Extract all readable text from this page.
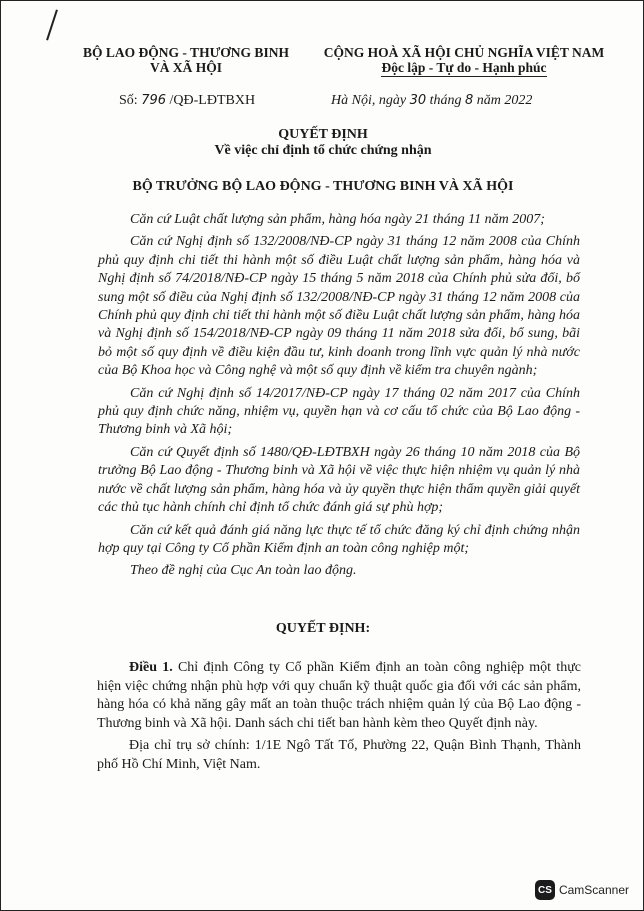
BỘ LAO ĐỘNG - THƯƠNG BINH
VÀ XÃ HỘI
CỘNG HOÀ XÃ HỘI CHỦ NGHĨA VIỆT NAM
Độc lập - Tự do - Hạnh phúc
Số: 796 /QĐ-LĐTBXH	Hà Nội, ngày 30 tháng 8 năm 2022
QUYẾT ĐỊNH
Về việc chỉ định tổ chức chứng nhận
BỘ TRƯỞNG BỘ LAO ĐỘNG - THƯƠNG BINH VÀ XÃ HỘI

Căn cứ Luật chất lượng sản phẩm, hàng hóa ngày 21 tháng 11 năm 2007;

Căn cứ Nghị định số 132/2008/NĐ-CP ngày 31 tháng 12 năm 2008 của Chính phủ quy định chi tiết thi hành một số điều Luật chất lượng sản phẩm, hàng hóa và Nghị định số 74/2018/NĐ-CP ngày 15 tháng 5 năm 2018 của Chính phủ sửa đổi, bổ sung một số điều của Nghị định số 132/2008/NĐ-CP ngày 31 tháng 12 năm 2008 của Chính phủ quy định chi tiết thi hành một số điều Luật chất lượng sản phẩm, hàng hóa và Nghị định số 154/2018/NĐ-CP ngày 09 tháng 11 năm 2018 sửa đổi, bổ sung, bãi bỏ một số quy định về điều kiện đầu tư, kinh doanh trong lĩnh vực quản lý nhà nước của Bộ Khoa học và Công nghệ và một số quy định về kiểm tra chuyên ngành;

Căn cứ Nghị định số 14/2017/NĐ-CP ngày 17 tháng 02 năm 2017 của Chính phủ quy định chức năng, nhiệm vụ, quyền hạn và cơ cấu tổ chức của Bộ Lao động - Thương binh và Xã hội;

Căn cứ Quyết định số 1480/QĐ-LĐTBXH ngày 26 tháng 10 năm 2018 của Bộ trưởng Bộ Lao động - Thương binh và Xã hội về việc thực hiện nhiệm vụ quản lý nhà nước về chất lượng sản phẩm, hàng hóa và ủy quyền thực hiện thẩm quyền giải quyết các thủ tục hành chính chỉ định tổ chức đánh giá sự phù hợp;

Căn cứ kết quả đánh giá năng lực thực tế tổ chức đăng ký chỉ định chứng nhận hợp quy tại Công ty Cổ phần Kiểm định an toàn công nghiệp một;

Theo đề nghị của Cục An toàn lao động.

QUYẾT ĐỊNH:

Điều 1. Chỉ định Công ty Cổ phần Kiểm định an toàn công nghiệp một thực hiện việc chứng nhận phù hợp với quy chuẩn kỹ thuật quốc gia đối với các sản phẩm, hàng hóa có khả năng gây mất an toàn thuộc trách nhiệm quản lý của Bộ Lao động - Thương binh và Xã hội. Danh sách chi tiết ban hành kèm theo Quyết định này.

Địa chỉ trụ sở chính: 1/1E Ngô Tất Tố, Phường 22, Quận Bình Thạnh, Thành phố Hồ Chí Minh, Việt Nam.

CS CamScanner
